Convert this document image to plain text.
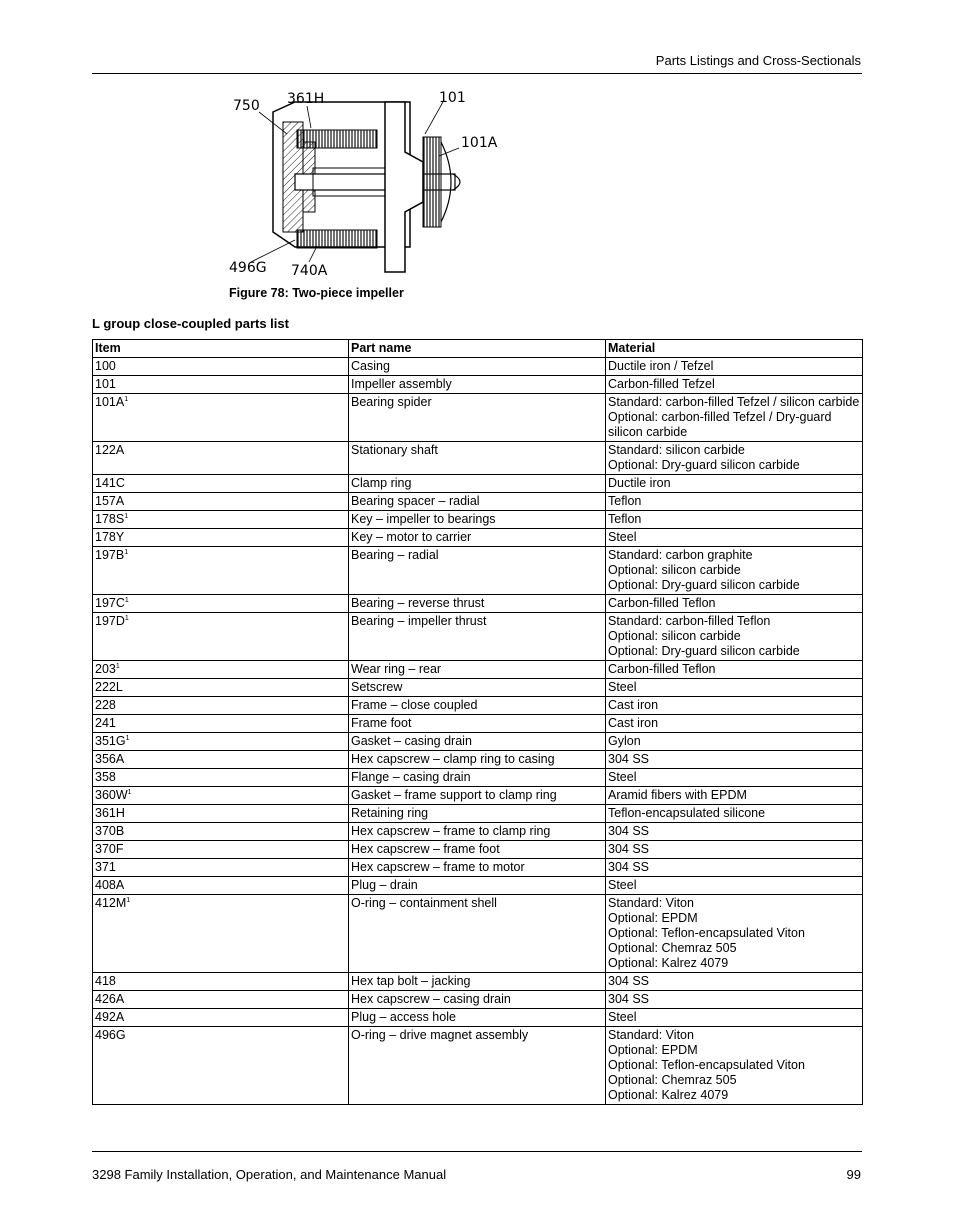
Parts Listings and Cross-Sectionals
750 361H	101
101A
496G 740A
Figure 78: Two-piece impeller
L group close-coupled parts list
Item	Part name	Material
100	Casing	Ductile iron / Tefzel

101	Impeller assembly	Carbon-filled Tefzel

$101A^1$	Bearing spider	Standard: carbon-filled Tefzel / silicon carbide
Optional: carbon-filled Tefzel / Dry-guard silicon carbide

122A	Stationary shaft	Standard: silicon carbide
Optional: Dry-guard silicon carbide

141C	Clamp ring	Ductile iron

157A	Bearing spacer – radial	Teflon

$178S^1$	Key – impeller to bearings	Teflon

178Y	Key – motor to carrier	Steel

$197B^1$	Bearing – radial	Standard: carbon graphite
Optional: silicon carbide
Optional: Dry-guard silicon carbide

$197C^1$	Bearing – reverse thrust	Carbon-filled Teflon

$197D^1$	Bearing – impeller thrust	Standard: carbon-filled Teflon
Optional: silicon carbide
Optional: Dry-guard silicon carbide

$203^1$	Wear ring – rear	Carbon-filled Teflon

222L	Setscrew	Steel

228	Frame – close coupled	Cast iron

241	Frame foot	Cast iron

$351G^1$	Gasket – casing drain	Gylon

356A	Hex capscrew – clamp ring to casing	304 SS

358	Flange – casing drain	Steel

$360W^1$	Gasket – frame support to clamp ring	Aramid fibers with EPDM

361H	Retaining ring	Teflon-encapsulated silicone

370B	Hex capscrew – frame to clamp ring	304 SS

370F	Hex capscrew – frame foot	304 SS

371	Hex capscrew – frame to motor	304 SS

408A	Plug – drain	Steel

$412M^1$	O-ring – containment shell	Standard: Viton
Optional: EPDM
Optional: Teflon-encapsulated Viton
Optional: Chemraz 505
Optional: Kalrez 4079

418	Hex tap bolt – jacking	304 SS

426A	Hex capscrew – casing drain	304 SS

492A	Plug – access hole	Steel

496G	O-ring – drive magnet assembly	Standard: Viton
Optional: EPDM
Optional: Teflon-encapsulated Viton
Optional: Chemraz 505
Optional: Kalrez 4079
3298 Family Installation, Operation, and Maintenance Manual	99
